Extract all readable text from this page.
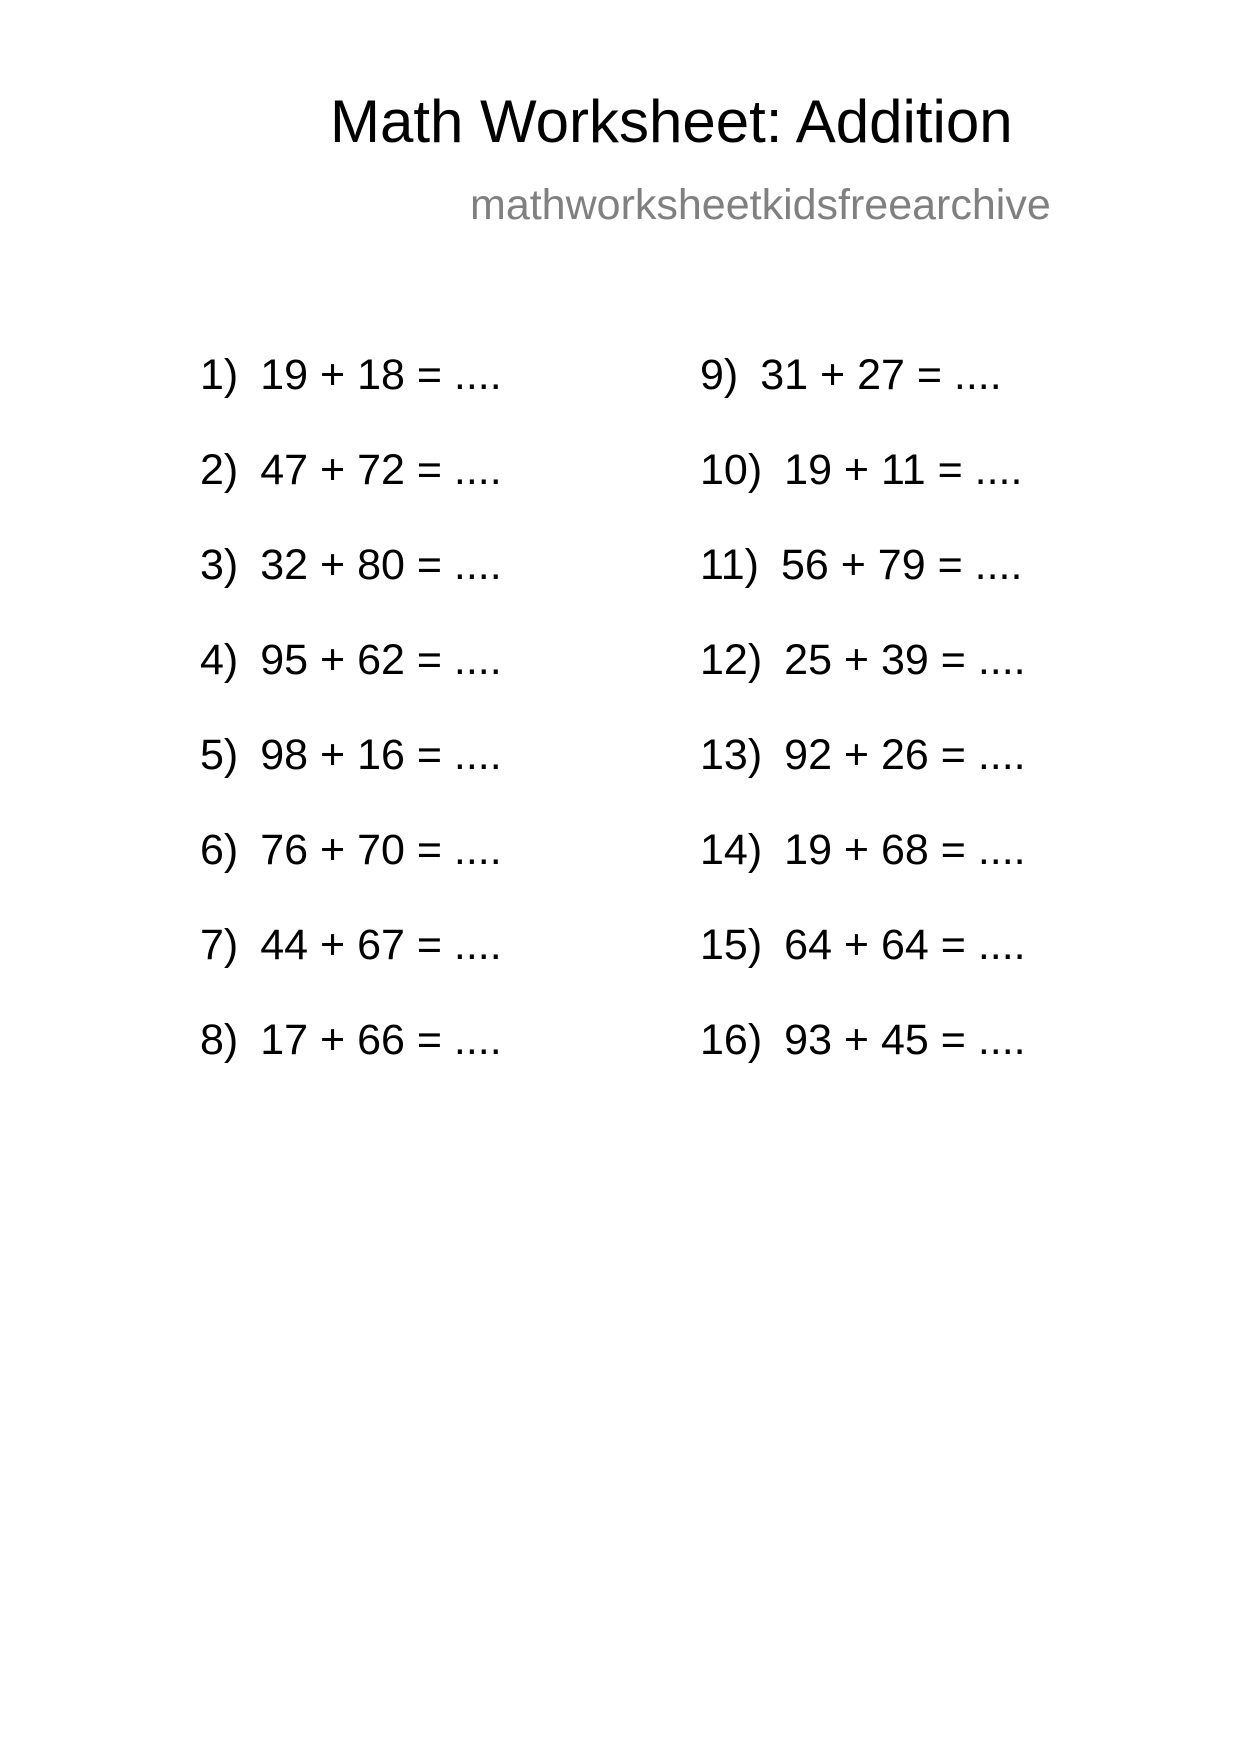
Math Worksheet: Addition
mathworksheetkidsfreearchive
1) 19 + 18 = ....
2) 47 + 72 = ....
3) 32 + 80 = ....
4) 95 + 62 = ....
5) 98 + 16 = ....
6) 76 + 70 = ....
7) 44 + 67 = ....
8) 17 + 66 = ....
9) 31 + 27 = ....
10) 19 + 11 = ....
11) 56 + 79 = ....
12) 25 + 39 = ....
13) 92 + 26 = ....
14) 19 + 68 = ....
15) 64 + 64 = ....
16) 93 + 45 = ....
